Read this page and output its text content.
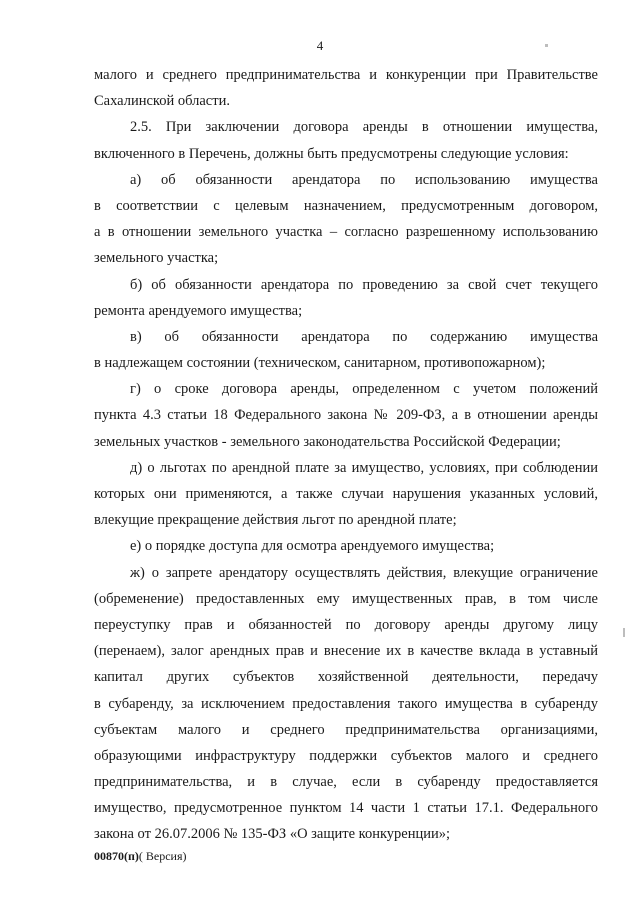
4
малого и среднего предпринимательства и конкуренции при Правительстве
Сахалинской области.
2.5. При заключении договора аренды в отношении имущества,
включенного в Перечень, должны быть предусмотрены следующие условия:
а) об обязанности арендатора по использованию имущества
в соответствии с целевым назначением, предусмотренным договором,
а в отношении земельного участка – согласно разрешенному использованию
земельного участка;
б) об обязанности арендатора по проведению за свой счет текущего
ремонта арендуемого имущества;
в) об обязанности арендатора по содержанию имущества
в надлежащем состоянии (техническом, санитарном, противопожарном);
г) о сроке договора аренды, определенном с учетом положений
пункта 4.3 статьи 18 Федерального закона № 209-ФЗ, а в отношении аренды
земельных участков - земельного законодательства Российской Федерации;
д) о льготах по арендной плате за имущество, условиях, при соблюдении
которых они применяются, а также случаи нарушения указанных условий,
влекущие прекращение действия льгот по арендной плате;
е) о порядке доступа для осмотра арендуемого имущества;
ж) о запрете арендатору осуществлять действия, влекущие ограничение
(обременение) предоставленных ему имущественных прав, в том числе
переуступку прав и обязанностей по договору аренды другому лицу
(перенаем), залог арендных прав и внесение их в качестве вклада в уставный
капитал других субъектов хозяйственной деятельности, передачу
в субаренду, за исключением предоставления такого имущества в субаренду
субъектам малого и среднего предпринимательства организациями,
образующими инфраструктуру поддержки субъектов малого и среднего
предпринимательства, и в случае, если в субаренду предоставляется
имущество, предусмотренное пунктом 14 части 1 статьи 17.1. Федерального
закона от 26.07.2006 № 135-ФЗ «О защите конкуренции»;
00870(п)( Версия)
